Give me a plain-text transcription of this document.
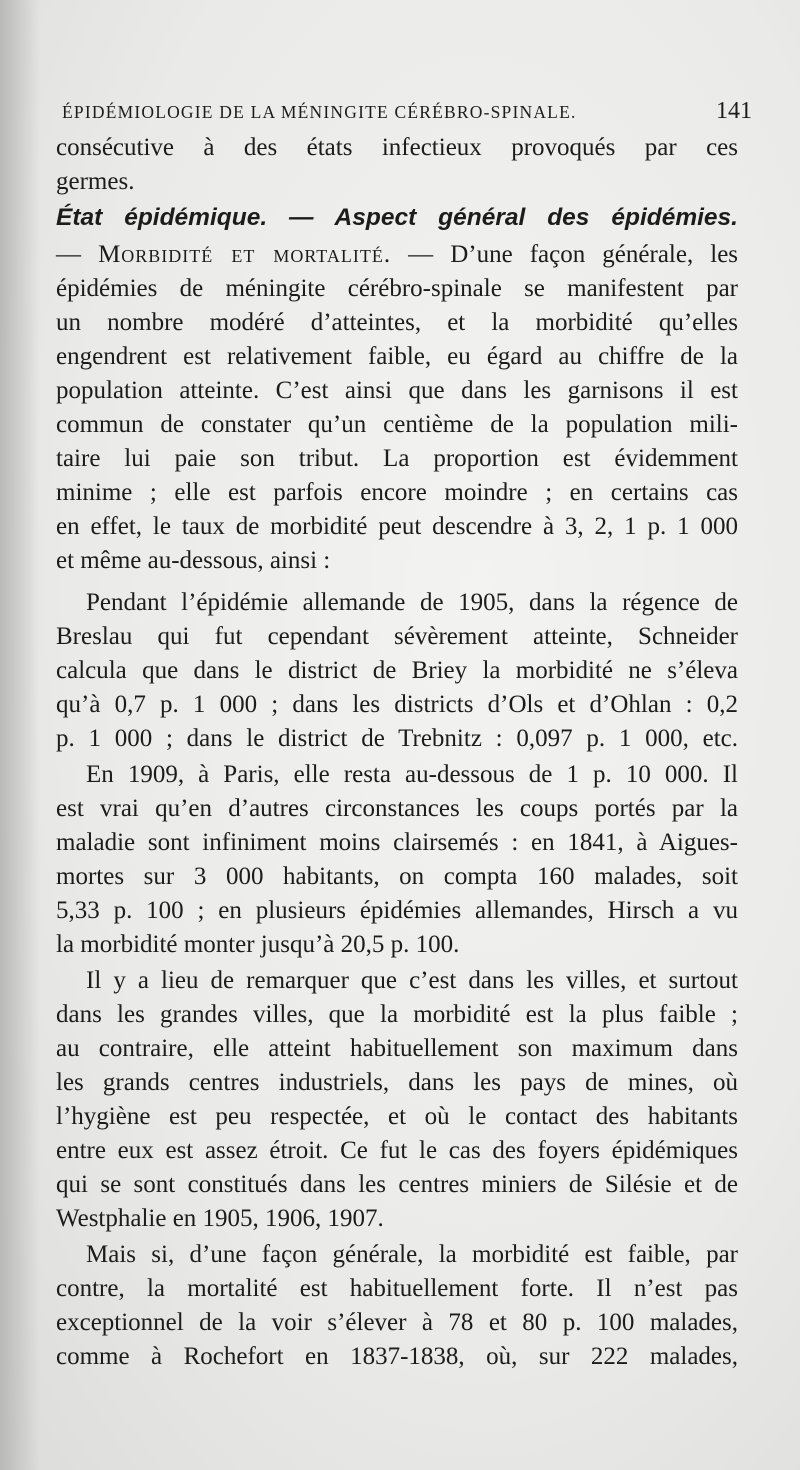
ÉPIDÉMIOLOGIE DE LA MÉNINGITE CÉRÉBRO-SPINALE.	141
consécutive à des états infectieux provoqués par ces
germes.
État épidémique. — Aspect général des épidémies.
— Morbidité et mortalité. — D’une façon générale, les
épidémies de méningite cérébro-spinale se manifestent par
un nombre modéré d’atteintes, et la morbidité qu’elles
engendrent est relativement faible, eu égard au chiffre de la
population atteinte. C’est ainsi que dans les garnisons il est
commun de constater qu’un centième de la population mili-
taire lui paie son tribut. La proportion est évidemment
minime ; elle est parfois encore moindre ; en certains cas
en effet, le taux de morbidité peut descendre à 3, 2, 1 p. 1 000
et même au-dessous, ainsi :
Pendant l’épidémie allemande de 1905, dans la régence de
Breslau qui fut cependant sévèrement atteinte, Schneider
calcula que dans le district de Briey la morbidité ne s’éleva
qu’à 0,7 p. 1 000 ; dans les districts d’Ols et d’Ohlan : 0,2
p. 1 000 ; dans le district de Trebnitz : 0,097 p. 1 000, etc.
En 1909, à Paris, elle resta au-dessous de 1 p. 10 000. Il
est vrai qu’en d’autres circonstances les coups portés par la
maladie sont infiniment moins clairsemés : en 1841, à Aigues-
mortes sur 3 000 habitants, on compta 160 malades, soit
5,33 p. 100 ; en plusieurs épidémies allemandes, Hirsch a vu
la morbidité monter jusqu’à 20,5 p. 100.
Il y a lieu de remarquer que c’est dans les villes, et surtout
dans les grandes villes, que la morbidité est la plus faible ;
au contraire, elle atteint habituellement son maximum dans
les grands centres industriels, dans les pays de mines, où
l’hygiène est peu respectée, et où le contact des habitants
entre eux est assez étroit. Ce fut le cas des foyers épidémiques
qui se sont constitués dans les centres miniers de Silésie et de
Westphalie en 1905, 1906, 1907.
Mais si, d’une façon générale, la morbidité est faible, par
contre, la mortalité est habituellement forte. Il n’est pas
exceptionnel de la voir s’élever à 78 et 80 p. 100 malades,
comme à Rochefort en 1837-1838, où, sur 222 malades,
